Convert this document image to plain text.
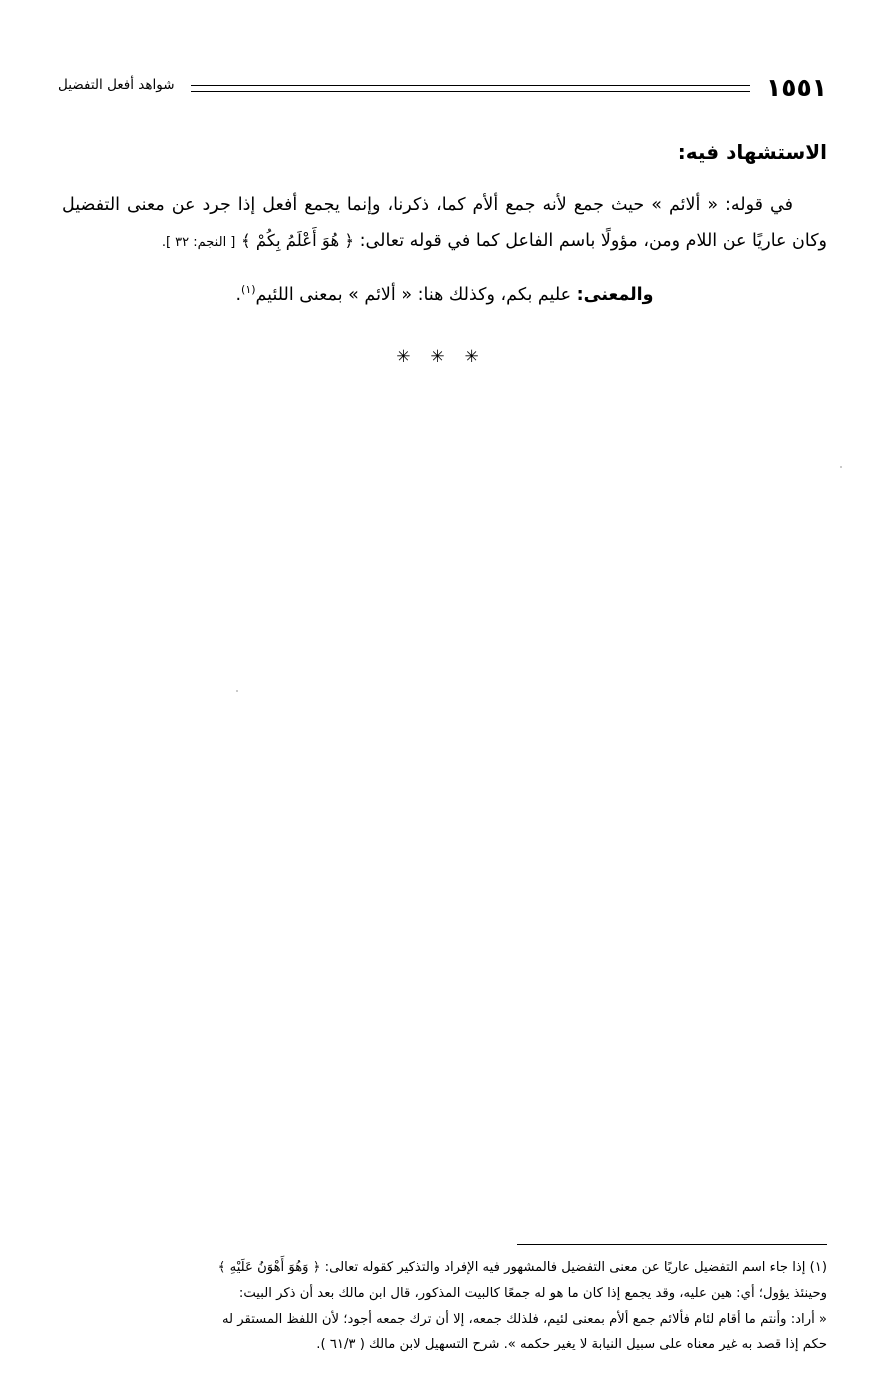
شواهد أفعل التفضيل	١٥٥١
الاستشهاد فيه:

في قوله: « ألائم » حيث جمع لأنه جمع ألأم كما، ذكرنا، وإنما يجمع أفعل إذا جرد عن معنى التفضيل وكان عاريًا عن اللام ومن، مؤولًا باسم الفاعل كما في قوله تعالى: ﴿ هُوَ أَعْلَمُ بِكُمْ ﴾ [ النجم: ٣٢ ].

والمعنى: عليم بكم، وكذلك هنا: « ألائم » بمعنى اللئيم$^{(١)}$.

✳ ✳ ✳
(١) إذا جاء اسم التفضيل عاريًا عن معنى التفضيل فالمشهور فيه الإفراد والتذكير كقوله تعالى: ﴿ وَهُوَ أَهْوَنُ عَلَيْهِ ﴾
وحينئذ يؤول؛ أي: هين عليه، وقد يجمع إذا كان ما هو له جمعًا كالبيت المذكور، قال ابن مالك بعد أن ذكر البيت:
« أراد: وأنتم ما أقام لئام فألائم جمع ألأم بمعنى لئيم، فلذلك جمعه، إلا أن ترك جمعه أجود؛ لأن اللفظ المستقر له
حكم إذا قصد به غير معناه على سبيل النيابة لا يغير حكمه ». شرح التسهيل لابن مالك ( ٦١/٣ ).
